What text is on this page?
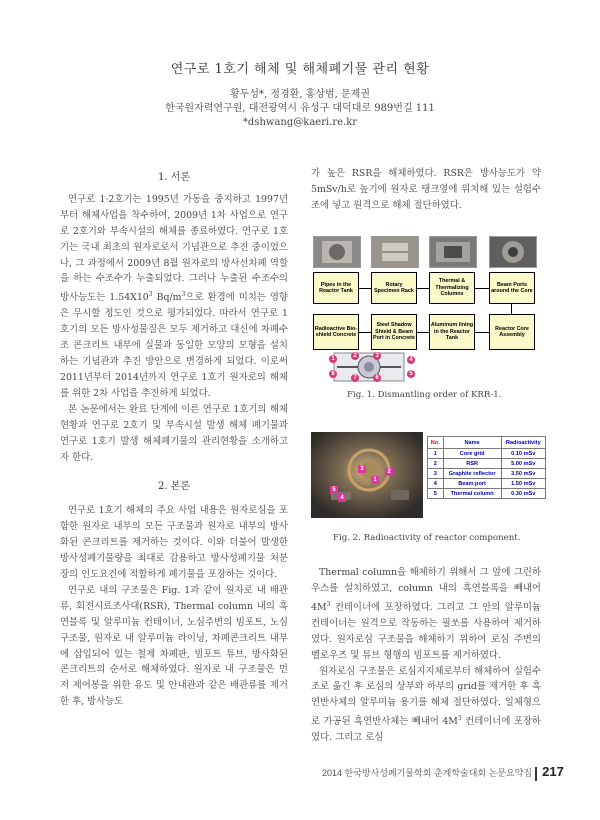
연구로 1호기 해체 및 해체폐기물 관리 현황
황두성*, 정경환, 홍상범, 문제권
한국원자력연구원, 대전광역시 유성구 대덕대로 989번길 111
*dshwang@kaeri.re.kr
1. 서론

연구로 1·2호기는 1995년 가동을 중지하고 1997년부터 해체사업을 착수하여, 2009년 1차 사업으로 연구로 2호기와 부속시설의 해체를 종료하였다. 연구로 1호기는 국내 최초의 원자로로서 기념관으로 추진 중이었으나, 그 과정에서 2009년 8월 원자로의 방사선차폐 역할을 하는 수조수가 누출되었다. 그러나 누출된 수조수의 방사능도는 $1.54X10^3$ $Bq/m^3$으로 환경에 미치는 영향은 무시할 정도인 것으로 평가되었다. 따라서 연구로 1호기의 모든 방사성물질은 모두 제거하고 대신에 차폐수조 콘크리트 내부에 실물과 동일한 모양의 모형을 설치하는 기념관과 추진 방안으로 변경하게 되었다. 이로써 2011년부터 2014년까지 연구로 1호기 원자로의 해체를 위한 2차 사업을 추진하게 되었다.

본 논문에서는 완료 단계에 이른 연구로 1호기의 해체현황과 연구로 2호기 및 부속시설 발생 해체 폐기물과 연구로 1호기 발생 해체폐기물의 관리현황을 소개하고자 한다.

2. 본론

연구로 1호기 해체의 주요 사업 내용은 원자로심을 포함한 원자로 내부의 모든 구조물과 원자로 내부의 방사화된 콘크리트를 제거하는 것이다. 이와 더불어 발생한 방사성폐기물량을 최대로 감용하고 방사성폐기물 처분장의 인도요건에 적합하게 폐기물을 포장하는 것이다.

연구로 내의 구조물은 Fig. 1과 같이 원자로 내 배관류, 회전시료조사대(RSR), Thermal column 내의 흑연블록 및 알루미늄 컨테이너, 노심주변의 빔포트, 노심구조물, 원자로 내 알루미늄 라이닝, 차폐콘크리트 내부에 삽입되어 있는 철제 차폐판, 빔포트 튜브, 방사화된 콘크리트의 순서로 해체하였다. 원자로 내 구조물은 먼저 제어봉을 위한 유도 및 안내관과 같은 배관류를 제거한 후, 방사능도

가 높은 RSR을 해체하였다. RSR은 방사능도가 약 5mSv/h로 높기에 원자로 탱크옆에 위치해 있는 설험수조에 넣고 원격으로 해체 절단하였다.

Pipes in the Reactor Tank
Rotary Specimen Rack
Thermal & Thermalizing Columns
Beam Ports around the Core
Radioactive Bio-shield Concrete
Steel Shadow Shield & Beam Port in Concrete
Aluminum lining in the Reactor Tank
Reactor Core Assembly
1	2	3
4
5
6
7
8
Fig. 1. Dismantling order of KRR-1.
1
2
3
4
5
No.	Name	Radioactivity
1	Core grid	0.10 mSv
2	RSR	5.00 mSv
3	Graphite reflector	3.50 mSv
4	Beam port	1.50 mSv
5	Thermal column	0.30 mSv
Fig. 2. Radioactivity of reactor component.

Thermal column을 해체하기 위해서 그 앞에 그린하우스를 설치하였고, column 내의 흑연블록을 빼내어 $4M^3$ 컨테이너에 포장하였다. 그리고 그 안의 알루미늄 컨테이너는 원격으로 작동하는 필쏘를 사용하여 제거하였다. 원자로심 구조물을 해체하기 위하여 로심 주변의 벨로우즈 및 튜브 형행의 빔포트를 제거하였다.

원자로심 구조물은 로심지지체로부터 해체하여 실험수조로 옮긴 후 로심의 상부와 하부의 grid를 제거한 후 흑연반사체의 알루미늄 용기를 해체 절단하였다. 일체형으로 가공된 흑연반사체는 빼내어 $4M^3$ 컨테이너에 포장하였다. 그리고 로심

2014 한국방사성폐기물학회 춘계학술대회 논문요약집 217
